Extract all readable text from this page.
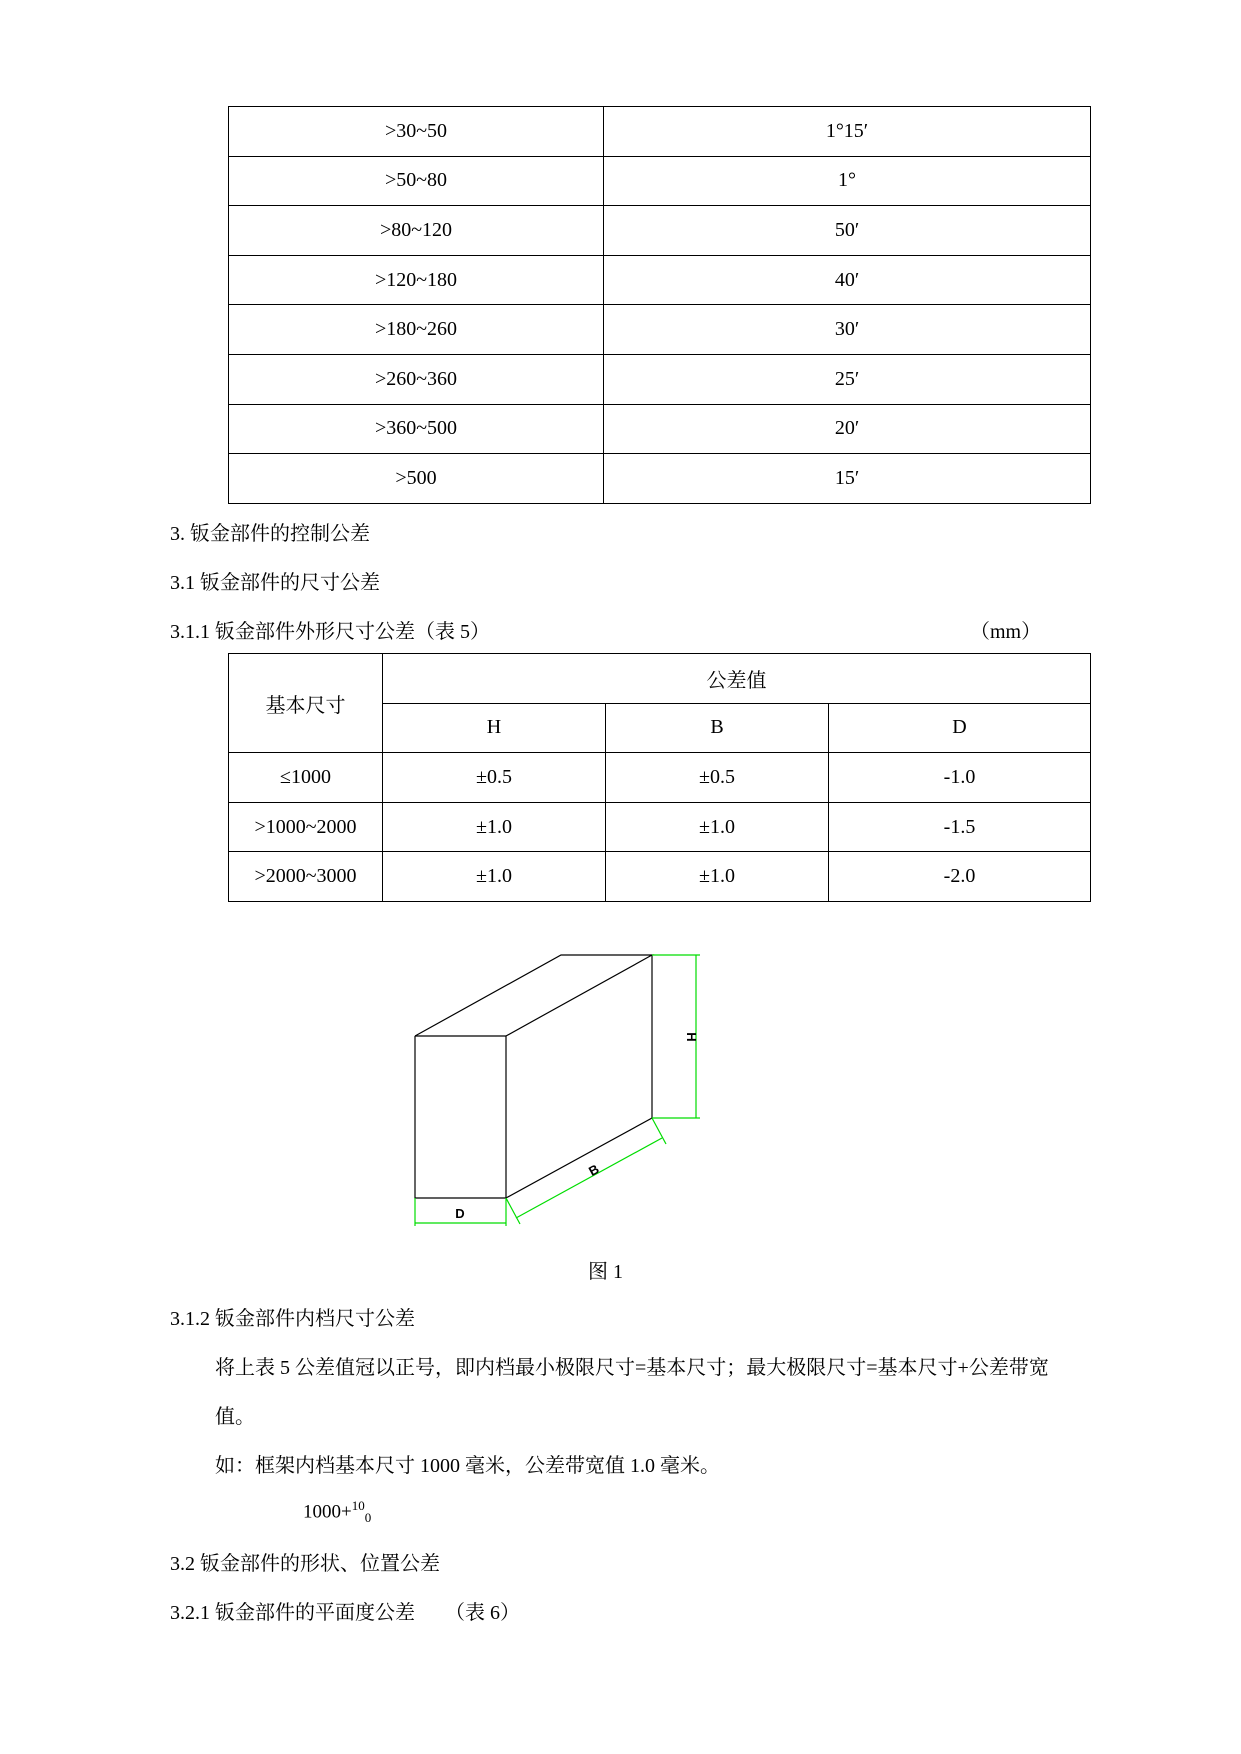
>30~50	1°15′
>50~80	1°
>80~120	50′
>120~180	40′
>180~260	30′
>260~360	25′
>360~500	20′
>500	15′
3. 钣金部件的控制公差
3.1 钣金部件的尺寸公差
3.1.1 钣金部件外形尺寸公差（表 5）	（mm）
基本尺寸	公差值		
	H	B	D
≤1000	±0.5	±0.5	-1.0
>1000~2000	±1.0	±1.0	-1.5
>2000~3000	±1.0	±1.0	-2.0
H
B
D
图 1
3.1.2 钣金部件内档尺寸公差
将上表 5 公差值冠以正号，即内档最小极限尺寸=基本尺寸；最大极限尺寸=基本尺寸+公差带宽
值。
如：框架内档基本尺寸 1000 毫米，公差带宽值 1.0 毫米。
1000+$^{10}_0$
3.2 钣金部件的形状、位置公差
3.2.1 钣金部件的平面度公差      （表 6）
